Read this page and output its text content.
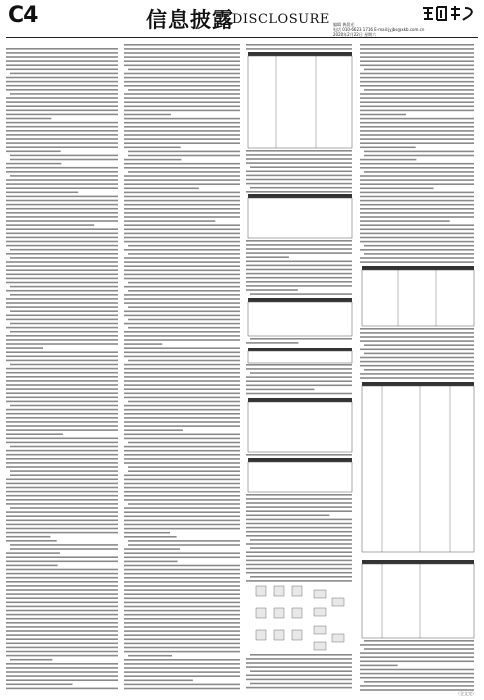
C4	信息披露
DISCLOSURE 编辑 黄晨光
电话 010-6623 1716 E-mail:jyjbs@xkb.com.cn
2020年2月22日 星期六
（全文完）
